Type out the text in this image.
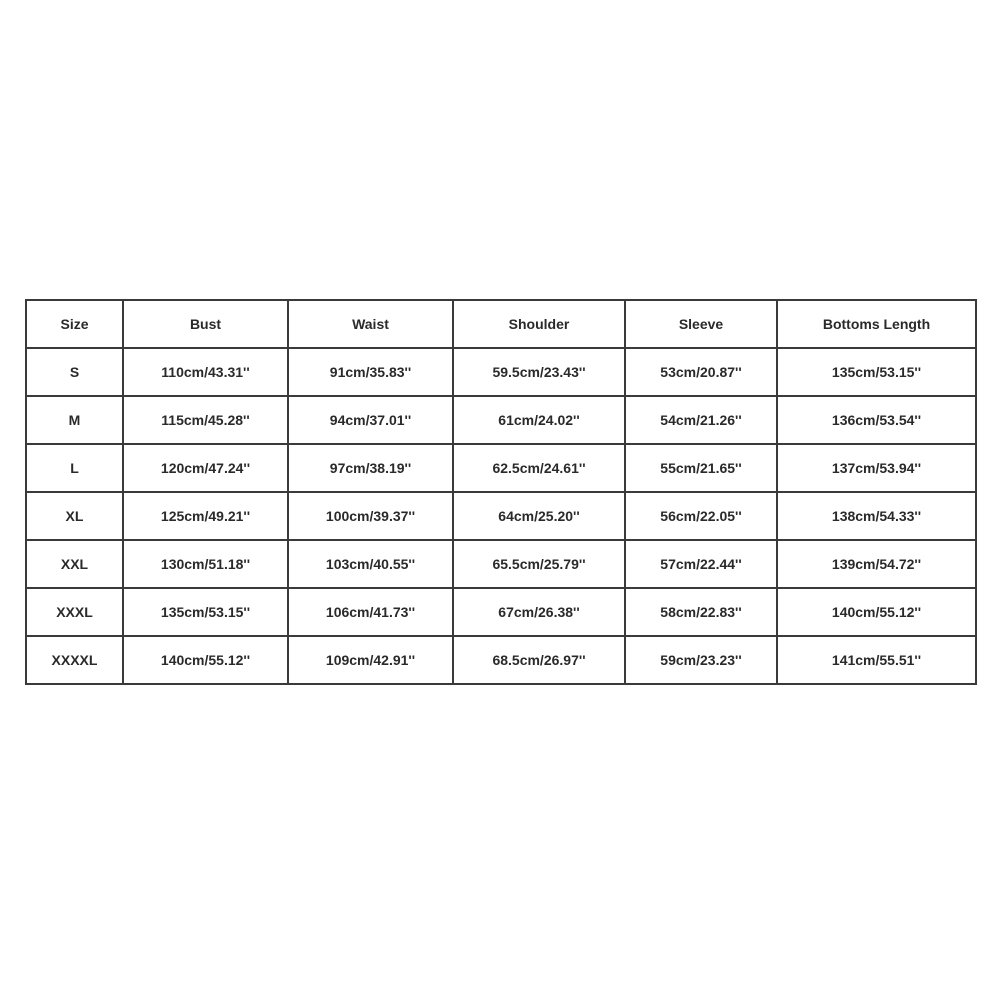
Size	Bust	Waist	Shoulder	Sleeve	Bottoms Length
S	110cm/43.31''	91cm/35.83''	59.5cm/23.43''	53cm/20.87''	135cm/53.15''
M	115cm/45.28''	94cm/37.01''	61cm/24.02''	54cm/21.26''	136cm/53.54''
L	120cm/47.24''	97cm/38.19''	62.5cm/24.61''	55cm/21.65''	137cm/53.94''
XL	125cm/49.21''	100cm/39.37''	64cm/25.20''	56cm/22.05''	138cm/54.33''
XXL	130cm/51.18''	103cm/40.55''	65.5cm/25.79''	57cm/22.44''	139cm/54.72''
XXXL	135cm/53.15''	106cm/41.73''	67cm/26.38''	58cm/22.83''	140cm/55.12''
XXXXL	140cm/55.12''	109cm/42.91''	68.5cm/26.97''	59cm/23.23''	141cm/55.51''
